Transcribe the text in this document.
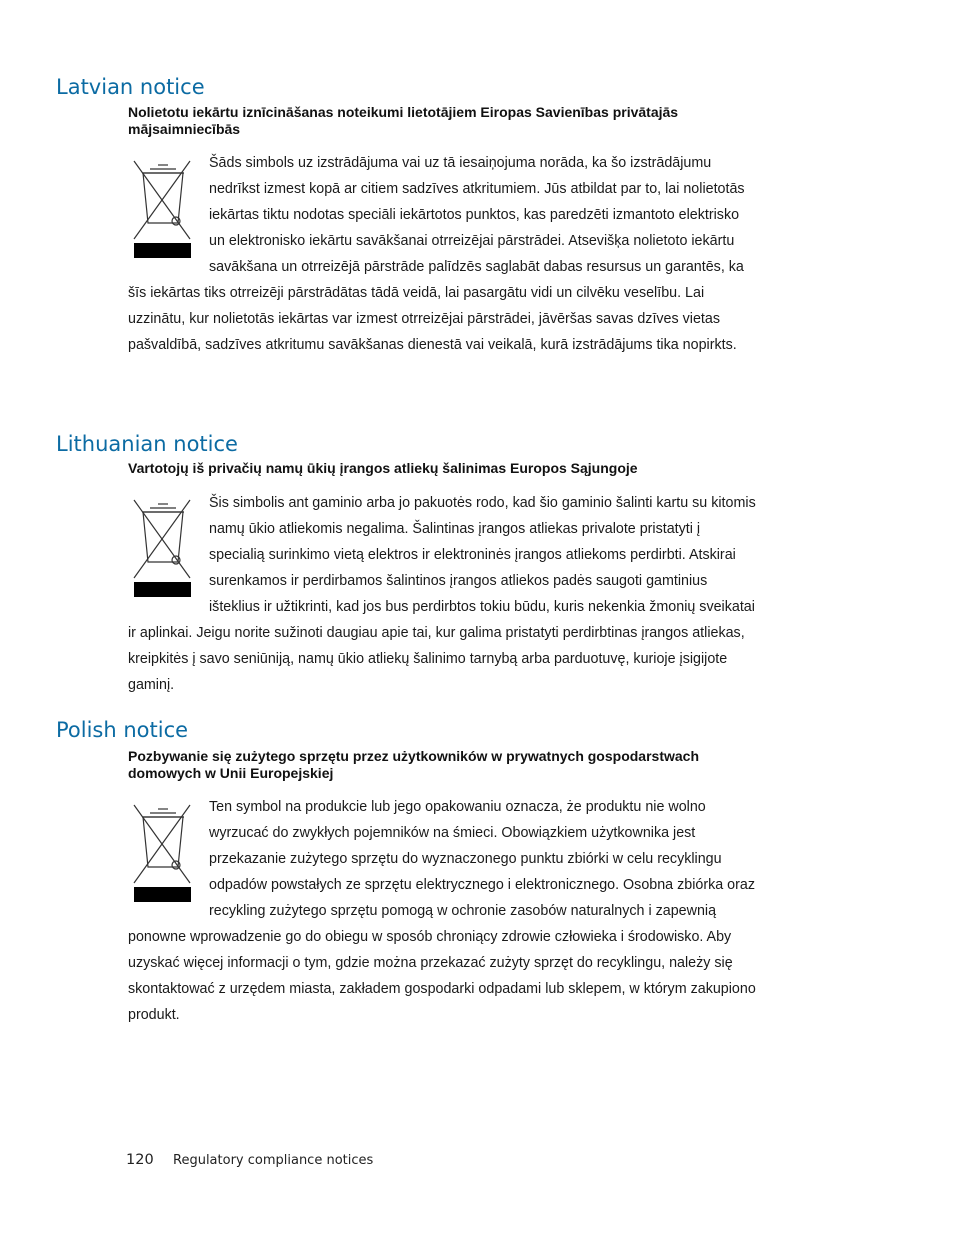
Latvian notice

Nolietotu iekārtu iznīcināšanas noteikumi lietotājiem Eiropas Savienības privātajās mājsaimniecībās

Šāds simbols uz izstrādājuma vai uz tā iesaiņojuma norāda, ka šo izstrādājumu nedrīkst izmest kopā ar citiem sadzīves atkritumiem. Jūs atbildat par to, lai nolietotās iekārtas tiktu nodotas speciāli iekārtotos punktos, kas paredzēti izmantoto elektrisko un elektronisko iekārtu savākšanai otrreizējai pārstrādei. Atsevišķa nolietoto iekārtu savākšana un otrreizējā pārstrāde palīdzēs saglabāt dabas resursus un garantēs, ka šīs iekārtas tiks otrreizēji pārstrādātas tādā veidā, lai pasargātu vidi un cilvēku veselību. Lai uzzinātu, kur nolietotās iekārtas var izmest otrreizējai pārstrādei, jāvēršas savas dzīves vietas pašvaldībā, sadzīves atkritumu savākšanas dienestā vai veikalā, kurā izstrādājums tika nopirkts.

Lithuanian notice

Vartotojų iš privačių namų ūkių įrangos atliekų šalinimas Europos Sąjungoje

Šis simbolis ant gaminio arba jo pakuotės rodo, kad šio gaminio šalinti kartu su kitomis namų ūkio atliekomis negalima. Šalintinas įrangos atliekas privalote pristatyti į specialią surinkimo vietą elektros ir elektroninės įrangos atliekoms perdirbti. Atskirai surenkamos ir perdirbamos šalintinos įrangos atliekos padės saugoti gamtinius išteklius ir užtikrinti, kad jos bus perdirbtos tokiu būdu, kuris nekenkia žmonių sveikatai ir aplinkai. Jeigu norite sužinoti daugiau apie tai, kur galima pristatyti perdirbtinas įrangos atliekas, kreipkitės į savo seniūniją, namų ūkio atliekų šalinimo tarnybą arba parduotuvę, kurioje įsigijote gaminį.

Polish notice

Pozbywanie się zużytego sprzętu przez użytkowników w prywatnych gospodarstwach domowych w Unii Europejskiej

Ten symbol na produkcie lub jego opakowaniu oznacza, że produktu nie wolno wyrzucać do zwykłych pojemników na śmieci. Obowiązkiem użytkownika jest przekazanie zużytego sprzętu do wyznaczonego punktu zbiórki w celu recyklingu odpadów powstałych ze sprzętu elektrycznego i elektronicznego. Osobna zbiórka oraz recykling zużytego sprzętu pomogą w ochronie zasobów naturalnych i zapewnią ponowne wprowadzenie go do obiegu w sposób chroniący zdrowie człowieka i środowisko. Aby uzyskać więcej informacji o tym, gdzie można przekazać zużyty sprzęt do recyklingu, należy się skontaktować z urzędem miasta, zakładem gospodarki odpadami lub sklepem, w którym zakupiono produkt.

120 Regulatory compliance notices
